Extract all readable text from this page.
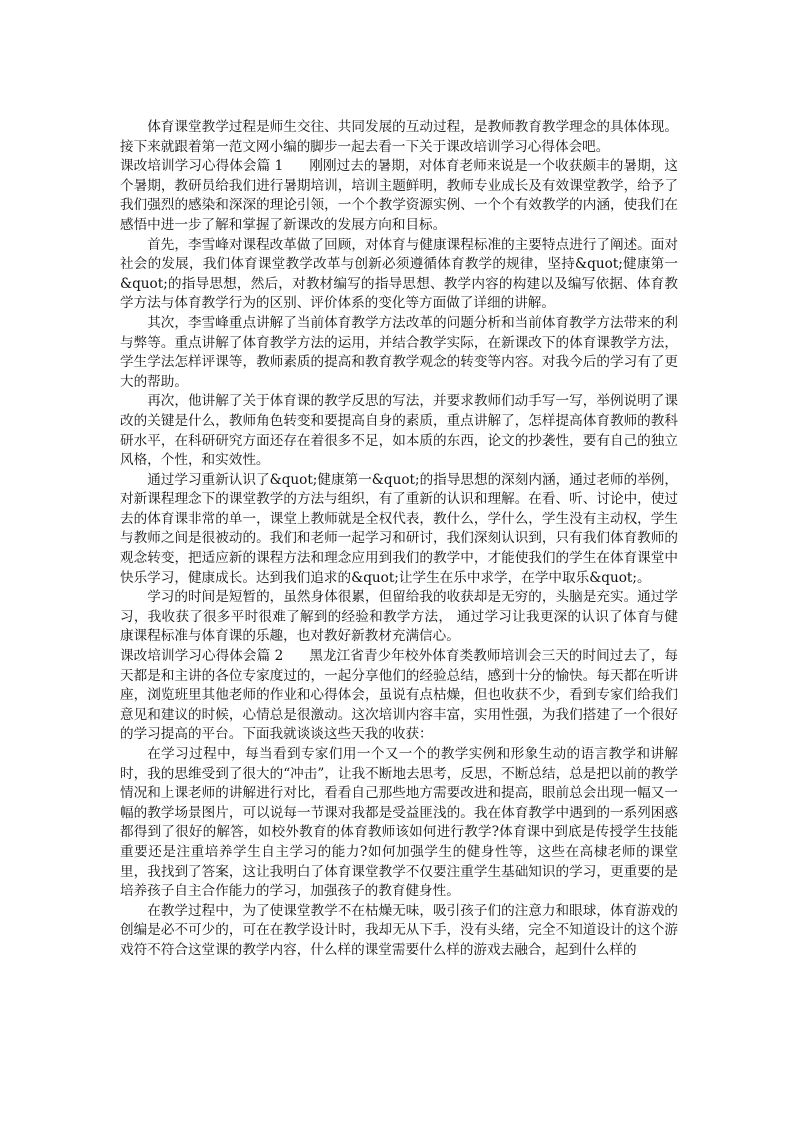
体育课堂教学过程是师生交往、共同发展的互动过程，是教师教育教学理念的具体体现。接下来就跟着第一范文网小编的脚步一起去看一下关于课改培训学习心得体会吧。

课改培训学习心得体会篇 1 刚刚过去的暑期，对体育老师来说是一个收获颇丰的暑期，这个暑期，教研员给我们进行暑期培训，培训主题鲜明，教师专业成长及有效课堂教学，给予了我们强烈的感染和深深的理论引领，一个个教学资源实例、一个个有效教学的内涵，使我们在感悟中进一步了解和掌握了新课改的发展方向和目标。

首先，李雪峰对课程改革做了回顾，对体育与健康课程标准的主要特点进行了阐述。面对社会的发展，我们体育课堂教学改革与创新必须遵循体育教学的规律，坚持&quot;健康第一&quot;的指导思想，然后，对教材编写的指导思想、教学内容的构建以及编写依据、体育教学方法与体育教学行为的区别、评价体系的变化等方面做了详细的讲解。

其次，李雪峰重点讲解了当前体育教学方法改革的问题分析和当前体育教学方法带来的利与弊等。重点讲解了体育教学方法的运用，并结合教学实际，在新课改下的体育课教学方法，学生学法怎样评课等，教师素质的提高和教育教学观念的转变等内容。对我今后的学习有了更大的帮助。

再次，他讲解了关于体育课的教学反思的写法，并要求教师们动手写一写，举例说明了课改的关键是什么，教师角色转变和要提高自身的素质，重点讲解了，怎样提高体育教师的教科研水平，在科研研究方面还存在着很多不足，如本质的东西，论文的抄袭性，要有自己的独立风格，个性，和实效性。

通过学习重新认识了&quot;健康第一&quot;的指导思想的深刻内涵，通过老师的举例，对新课程理念下的课堂教学的方法与组织，有了重新的认识和理解。在看、听、讨论中，使过去的体育课非常的单一，课堂上教师就是全权代表，教什么，学什么，学生没有主动权，学生与教师之间是很被动的。我们和老师一起学习和研讨，我们深刻认识到，只有我们体育教师的观念转变，把适应新的课程方法和理念应用到我们的教学中，才能使我们的学生在体育课堂中快乐学习，健康成长。达到我们追求的&quot;让学生在乐中求学，在学中取乐&quot;。

学习的时间是短暂的，虽然身体很累，但留给我的收获却是无穷的，头脑是充实。通过学习，我收获了很多平时很难了解到的经验和教学方法， 通过学习让我更深的认识了体育与健康课程标准与体育课的乐趣，也对教好新教材充满信心。

课改培训学习心得体会篇 2 黑龙江省青少年校外体育类教师培训会三天的时间过去了，每天都是和主讲的各位专家度过的，一起分享他们的经验总结，感到十分的愉快。每天都在听讲座，浏览班里其他老师的作业和心得体会，虽说有点枯燥，但也收获不少，看到专家们给我们意见和建议的时候，心情总是很激动。这次培训内容丰富，实用性强，为我们搭建了一个很好的学习提高的平台。下面我就谈谈这些天我的收获：

在学习过程中，每当看到专家们用一个又一个的教学实例和形象生动的语言教学和讲解时，我的思维受到了很大的“冲击”，让我不断地去思考，反思，不断总结，总是把以前的教学情况和上课老师的讲解进行对比，看看自己那些地方需要改进和提高，眼前总会出现一幅又一幅的教学场景图片，可以说每一节课对我都是受益匪浅的。我在体育教学中遇到的一系列困惑都得到了很好的解答，如校外教育的体育教师该如何进行教学?体育课中到底是传授学生技能重要还是注重培养学生自主学习的能力?如何加强学生的健身性等，这些在高棣老师的课堂里，我找到了答案，这让我明白了体育课堂教学不仅要注重学生基础知识的学习，更重要的是培养孩子自主合作能力的学习，加强孩子的教育健身性。

在教学过程中，为了使课堂教学不在枯燥无味，吸引孩子们的注意力和眼球，体育游戏的创编是必不可少的，可在在教学设计时，我却无从下手，没有头绪，完全不知道设计的这个游戏符不符合这堂课的教学内容，什么样的课堂需要什么样的游戏去融合，起到什么样的
